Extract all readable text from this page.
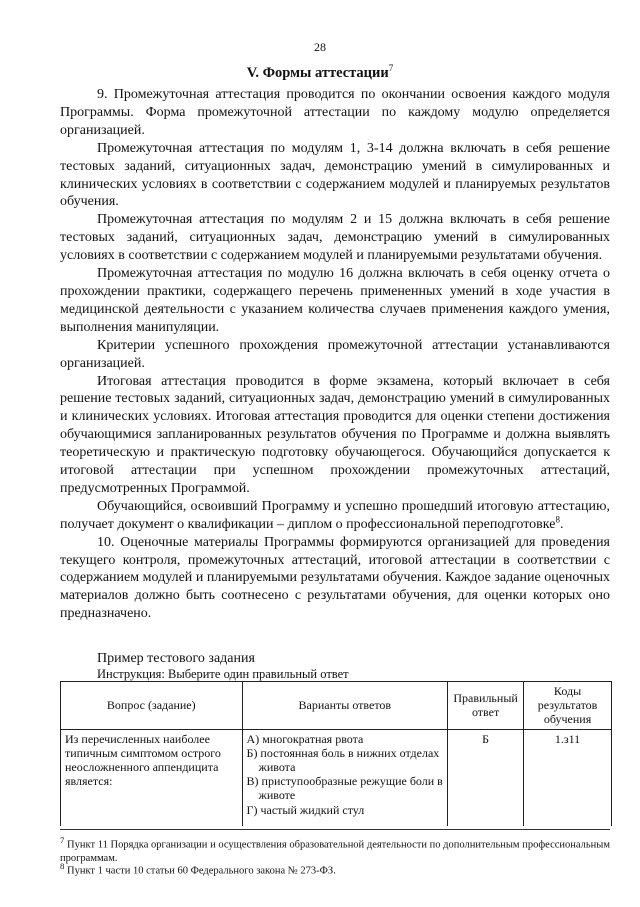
28
V. Формы аттестации$^7$

9. Промежуточная аттестация проводится по окончании освоения каждого модуля Программы. Форма промежуточной аттестации по каждому модулю определяется организацией.

Промежуточная аттестация по модулям 1, 3-14 должна включать в себя решение тестовых заданий, ситуационных задач, демонстрацию умений в симулированных и клинических условиях в соответствии с содержанием модулей и планируемых результатов обучения.

Промежуточная аттестация по модулям 2 и 15 должна включать в себя решение тестовых заданий, ситуационных задач, демонстрацию умений в симулированных условиях в соответствии с содержанием модулей и планируемыми результатами обучения.

Промежуточная аттестация по модулю 16 должна включать в себя оценку отчета о прохождении практики, содержащего перечень примененных умений в ходе участия в медицинской деятельности с указанием количества случаев применения каждого умения, выполнения манипуляции.

Критерии успешного прохождения промежуточной аттестации устанавливаются организацией.

Итоговая аттестация проводится в форме экзамена, который включает в себя решение тестовых заданий, ситуационных задач, демонстрацию умений в симулированных и клинических условиях. Итоговая аттестация проводится для оценки степени достижения обучающимися запланированных результатов обучения по Программе и должна выявлять теоретическую и практическую подготовку обучающегося. Обучающийся допускается к итоговой аттестации при успешном прохождении промежуточных аттестаций, предусмотренных Программой.

Обучающийся, освоивший Программу и успешно прошедший итоговую аттестацию, получает документ о квалификации – диплом о профессиональной переподготовке$^8$.

10. Оценочные материалы Программы формируются организацией для проведения текущего контроля, промежуточных аттестаций, итоговой аттестации в соответствии с содержанием модулей и планируемыми результатами обучения. Каждое задание оценочных материалов должно быть соотнесено с результатами обучения, для оценки которых оно предназначено.

Пример тестового задания
Инструкция: Выберите один правильный ответ
Вопрос (задание)	Варианты ответов	Правильный ответ	Коды результатов обучения
Из перечисленных наиболее типичным симптомом острого неосложненного аппендицита является:	А) многократная рвота
Б) постоянная боль в нижних отделах живота
В) приступообразные режущие боли в животе
Г) частый жидкий стул	Б	1.з11
$^7$ Пункт 11 Порядка организации и осуществления образовательной деятельности по дополнительным профессиональным программам.
$^8$ Пункт 1 части 10 статьи 60 Федерального закона № 273-ФЗ.
